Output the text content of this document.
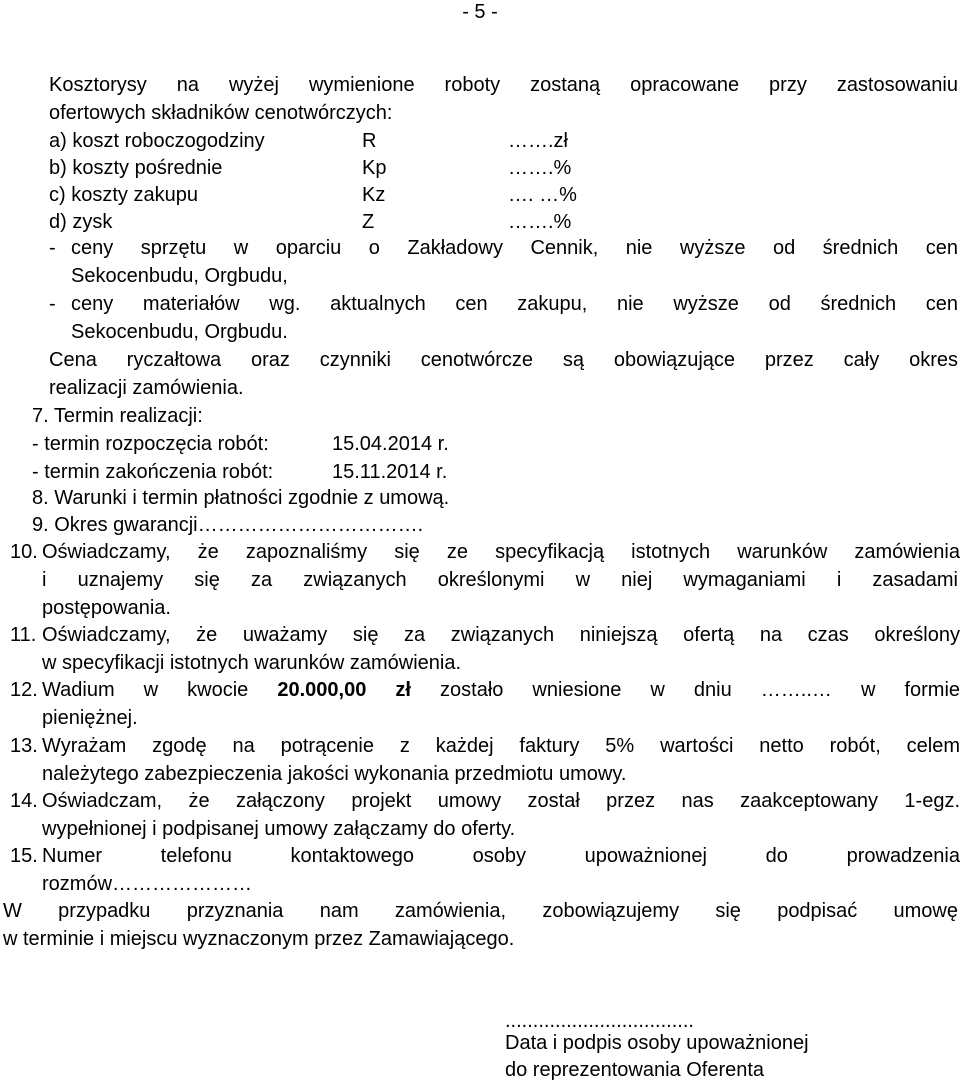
- 5 -
Kosztorysy na wyżej wymienione roboty zostaną opracowane przy zastosowaniu
ofertowych składników cenotwórczych:
a) koszt roboczogodziny	R	…….zł
b) koszty pośrednie	Kp	…….%
c) koszty zakupu	Kz	…. …%
d) zysk	Z	…….%
- ceny sprzętu w oparciu o Zakładowy Cennik, nie wyższe od średnich cen
Sekocenbudu, Orgbudu,
- ceny materiałów wg. aktualnych cen zakupu, nie wyższe od średnich cen
Sekocenbudu, Orgbudu.
Cena ryczałtowa oraz czynniki cenotwórcze są obowiązujące przez cały okres
realizacji zamówienia.
7. Termin realizacji:
- termin rozpoczęcia robót:	15.04.2014 r.
- termin zakończenia robót:	15.11.2014 r.
8. Warunki i termin płatności zgodnie z umową.
9. Okres gwarancji…………………………….
10. Oświadczamy, że zapoznaliśmy się ze specyfikacją istotnych warunków zamówienia
i uznajemy się za związanych określonymi w niej wymaganiami i zasadami
postępowania.
11. Oświadczamy, że uważamy się za związanych niniejszą ofertą na czas określony
w specyfikacji istotnych warunków zamówienia.
12. Wadium w kwocie 20.000,00 zł zostało wniesione w dniu ……..… w formie
pieniężnej.
13. Wyrażam zgodę na potrącenie z każdej faktury 5% wartości netto robót, celem
należytego zabezpieczenia jakości wykonania przedmiotu umowy.
14. Oświadczam, że załączony projekt umowy został przez nas zaakceptowany 1-egz.
wypełnionej i podpisanej umowy załączamy do oferty.
15. Numer telefonu kontaktowego osoby upoważnionej do prowadzenia
rozmów…………………
W przypadku przyznania nam zamówienia, zobowiązujemy się podpisać umowę
w terminie i miejscu wyznaczonym przez Zamawiającego.
..................................
Data i podpis osoby upoważnionej
do reprezentowania Oferenta
